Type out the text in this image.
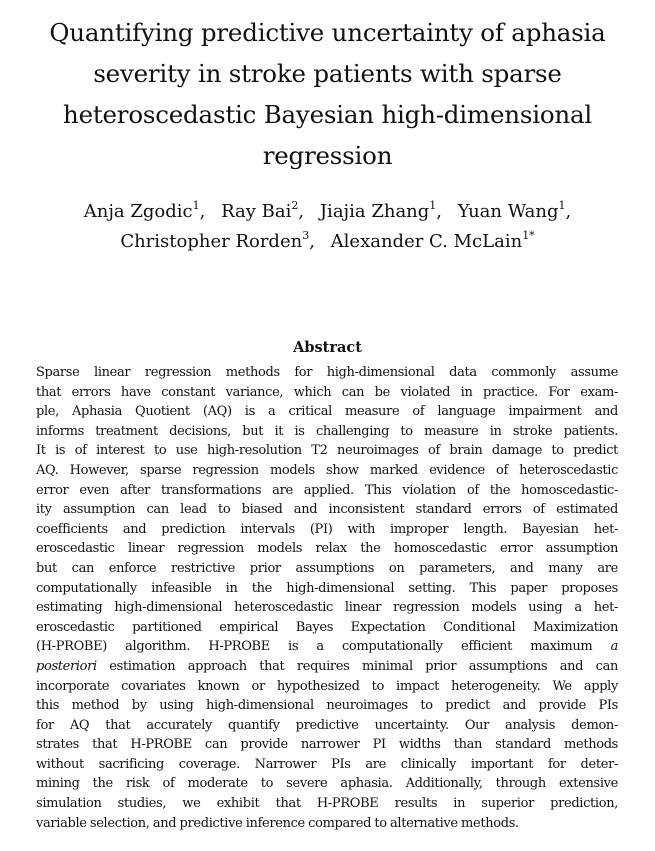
Quantifying predictive uncertainty of aphasia
severity in stroke patients with sparse
heteroscedastic Bayesian high-dimensional
regression
Anja Zgodic$^1$, Ray Bai$^2$, Jiajia Zhang$^1$, Yuan Wang$^1$,
Christopher Rorden$^3$, Alexander C. McLain$^{1*}$
Abstract
Sparse linear regression methods for high-dimensional data commonly assume
that errors have constant variance, which can be violated in practice. For exam-
ple, Aphasia Quotient (AQ) is a critical measure of language impairment and
informs treatment decisions, but it is challenging to measure in stroke patients.
It is of interest to use high-resolution T2 neuroimages of brain damage to predict
AQ. However, sparse regression models show marked evidence of heteroscedastic
error even after transformations are applied. This violation of the homoscedastic-
ity assumption can lead to biased and inconsistent standard errors of estimated
coefficients and prediction intervals (PI) with improper length. Bayesian het-
eroscedastic linear regression models relax the homoscedastic error assumption
but can enforce restrictive prior assumptions on parameters, and many are
computationally infeasible in the high-dimensional setting. This paper proposes
estimating high-dimensional heteroscedastic linear regression models using a het-
eroscedastic partitioned empirical Bayes Expectation Conditional Maximization
(H-PROBE) algorithm. H-PROBE is a computationally efficient maximum a
posteriori estimation approach that requires minimal prior assumptions and can
incorporate covariates known or hypothesized to impact heterogeneity. We apply
this method by using high-dimensional neuroimages to predict and provide PIs
for AQ that accurately quantify predictive uncertainty. Our analysis demon-
strates that H-PROBE can provide narrower PI widths than standard methods
without sacrificing coverage. Narrower PIs are clinically important for deter-
mining the risk of moderate to severe aphasia. Additionally, through extensive
simulation studies, we exhibit that H-PROBE results in superior prediction,
variable selection, and predictive inference compared to alternative methods.
